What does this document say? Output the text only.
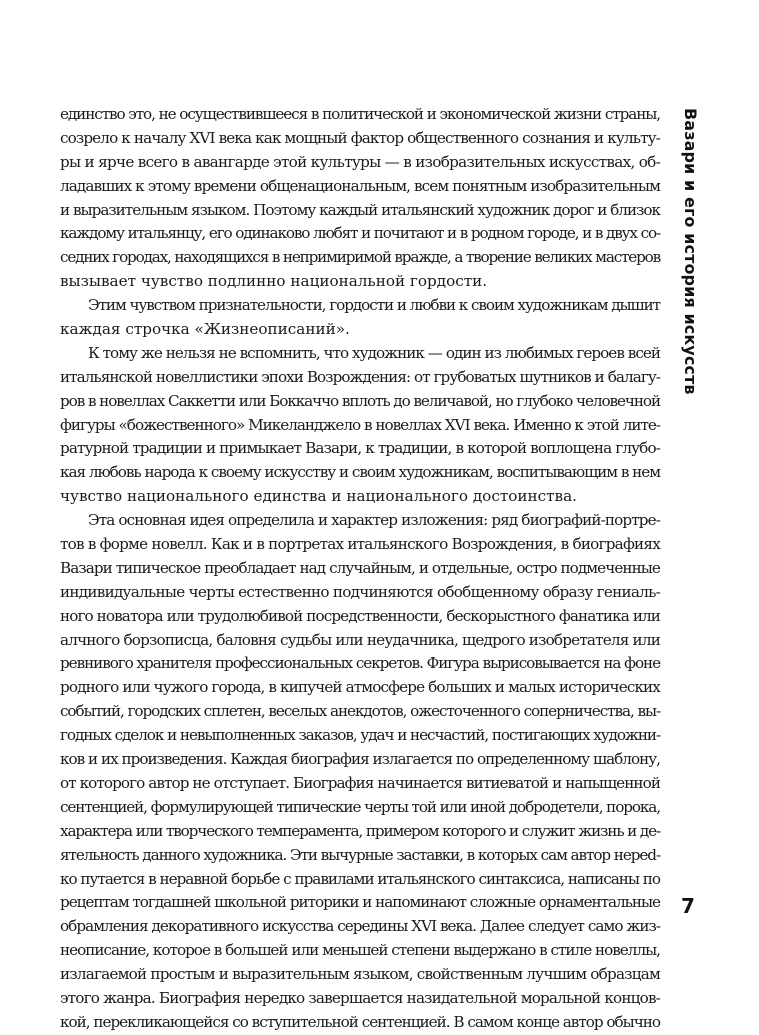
единство это, не осуществившееся в политической и экономической жизни страны,
созрело к началу XVI века как мощный фактор общественного сознания и культу-
ры и ярче всего в авангарде этой культуры — в изобразительных искусствах, об-
ладавших к этому времени общенациональным, всем понятным изобразительным
и выразительным языком. Поэтому каждый итальянский художник дорог и близок
каждому итальянцу, его одинаково любят и почитают и в родном городе, и в двух со-
седних городах, находящихся в непримиримой вражде, а творение великих мастеров
вызывает чувство подлинно национальной гордости.
Этим чувством признательности, гордости и любви к своим художникам дышит
каждая строчка «Жизнеописаний».
К тому же нельзя не вспомнить, что художник — один из любимых героев всей
итальянской новеллистики эпохи Возрождения: от грубоватых шутников и балагу-
ров в новеллах Саккетти или Боккаччо вплоть до величавой, но глубоко человечной
фигуры «божественного» Микеланджело в новеллах XVI века. Именно к этой лите-
ратурной традиции и примыкает Вазари, к традиции, в которой воплощена глубо-
кая любовь народа к своему искусству и своим художникам, воспитывающим в нем
чувство национального единства и национального достоинства.
Эта основная идея определила и характер изложения: ряд биографий-портре-
тов в форме новелл. Как и в портретах итальянского Возрождения, в биографиях
Вазари типическое преобладает над случайным, и отдельные, остро подмеченные
индивидуальные черты естественно подчиняются обобщенному образу гениаль-
ного новатора или трудолюбивой посредственности, бескорыстного фанатика или
алчного борзописца, баловня судьбы или неудачника, щедрого изобретателя или
ревнивого хранителя профессиональных секретов. Фигура вырисовывается на фоне
родного или чужого города, в кипучей атмосфере больших и малых исторических
событий, городских сплетен, веселых анекдотов, ожесточенного соперничества, вы-
годных сделок и невыполненных заказов, удач и несчастий, постигающих художни-
ков и их произведения. Каждая биография излагается по определенному шаблону,
от которого автор не отступает. Биография начинается витиеватой и напыщенной
сентенцией, формулирующей типические черты той или иной добродетели, порока,
характера или творческого темперамента, примером которого и служит жизнь и де-
ятельность данного художника. Эти вычурные заставки, в которых сам автор нерed-
ко путается в неравной борьбе с правилами итальянского синтаксиса, написаны по
рецептам тогдашней школьной риторики и напоминают сложные орнаментальные
обрамления декоративного искусства середины XVI века. Далее следует само жиз-
неописание, которое в большей или меньшей степени выдержано в стиле новеллы,
излагаемой простым и выразительным языком, свойственным лучшим образцам
этого жанра. Биография нередко завершается назидательной моральной концов-
кой, перекликающейся со вступительной сентенцией. В самом конце автор обычно
Вазари и его история искусств
7
